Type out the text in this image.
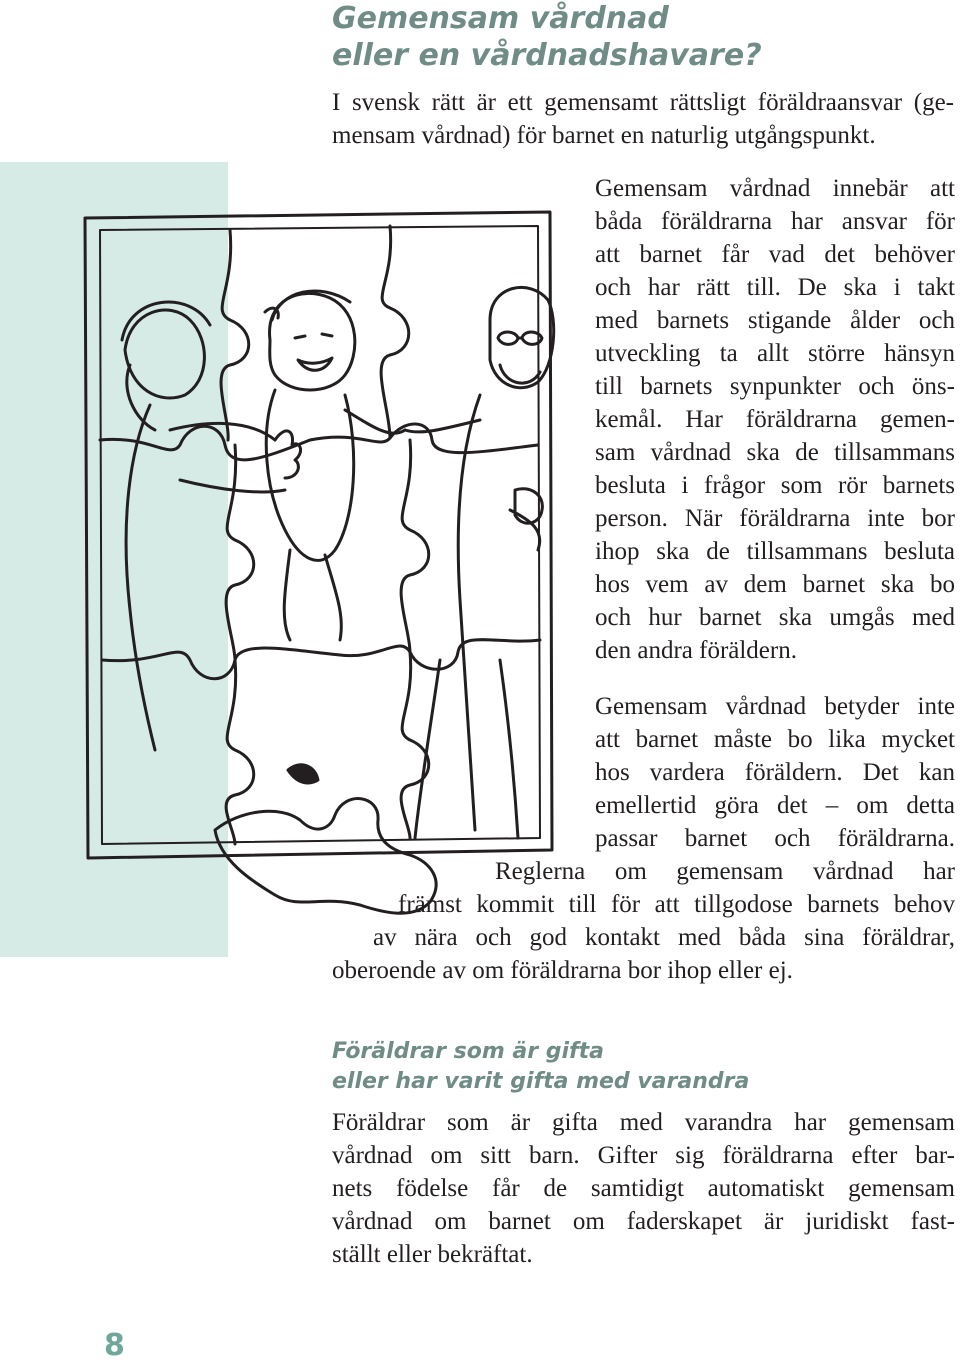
Gemensam vårdnad
eller en vårdnadshavare?
I svensk rätt är ett gemensamt rättsligt föräldraansvar (ge-
mensam vårdnad) för barnet en naturlig utgångspunkt.
Gemensam vårdnad innebär att
båda föräldrarna har ansvar för
att barnet får vad det behöver
och har rätt till. De ska i takt
med barnets stigande ålder och
utveckling ta allt större hänsyn
till barnets synpunkter och öns-
kemål. Har föräldrarna gemen-
sam vårdnad ska de tillsammans
besluta i frågor som rör barnets
person. När föräldrarna inte bor
ihop ska de tillsammans besluta
hos vem av dem barnet ska bo
och hur barnet ska umgås med
den andra föräldern.
Gemensam vårdnad betyder inte
att barnet måste bo lika mycket
hos vardera föräldern. Det kan
emellertid göra det – om detta
passar barnet och föräldrarna.
Reglerna om gemensam vårdnad har
främst kommit till för att tillgodose barnets behov
av nära och god kontakt med båda sina föräldrar,
oberoende av om föräldrarna bor ihop eller ej.
Föräldrar som är gifta
eller har varit gifta med varandra
Föräldrar som är gifta med varandra har gemensam
vårdnad om sitt barn. Gifter sig föräldrarna efter bar-
nets födelse får de samtidigt automatiskt gemensam
vårdnad om barnet om faderskapet är juridiskt fast-
ställt eller bekräftat.
8
